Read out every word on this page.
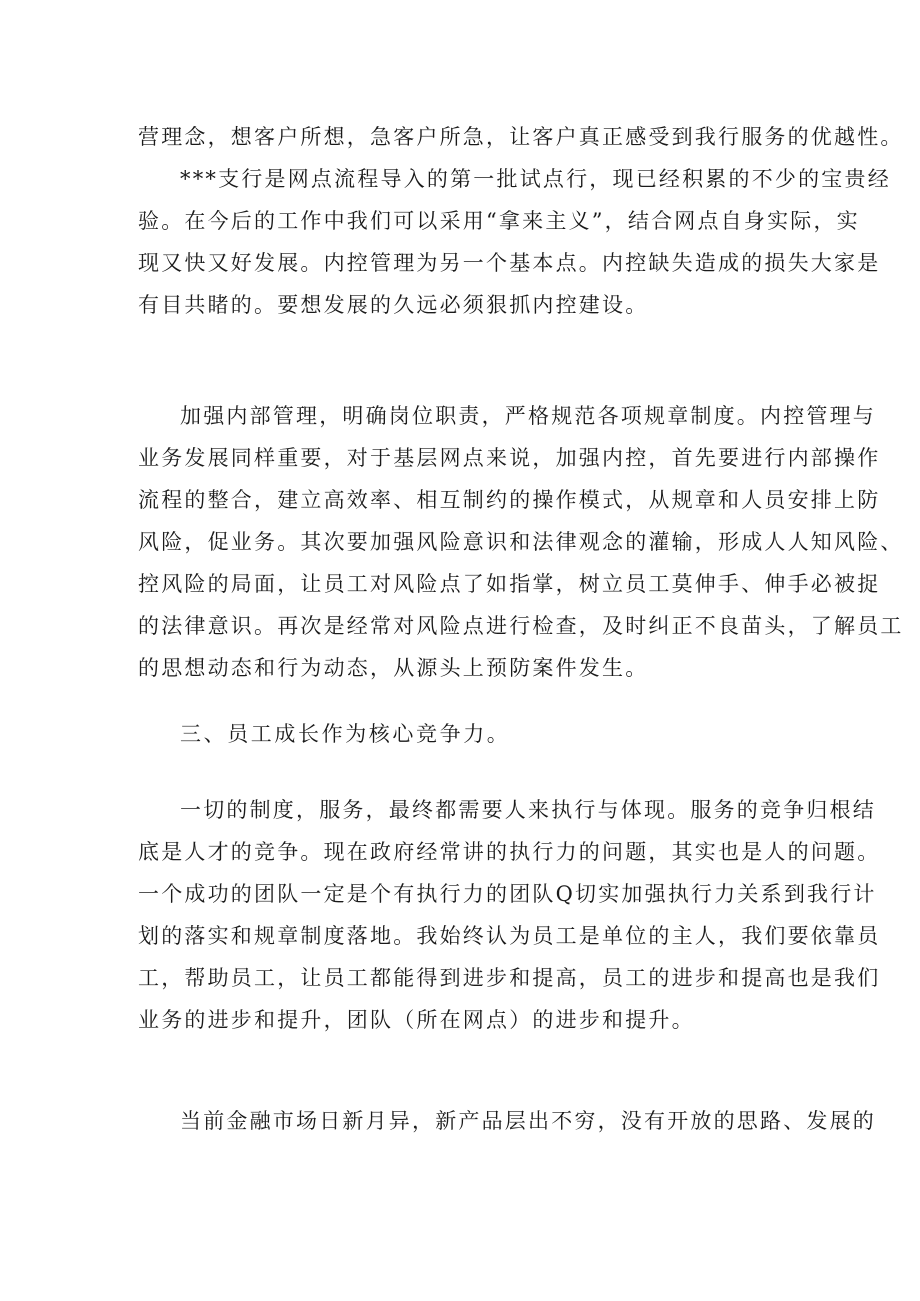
营理念，想客户所想，急客户所急，让客户真正感受到我行服务的优越性。
***支行是网点流程导入的第一批试点行，现已经积累的不少的宝贵经
验。在今后的工作中我们可以采用“拿来主义”，结合网点自身实际，实
现又快又好发展。内控管理为另一个基本点。内控缺失造成的损失大家是
有目共睹的。要想发展的久远必须狠抓内控建设。
加强内部管理，明确岗位职责，严格规范各项规章制度。内控管理与
业务发展同样重要，对于基层网点来说，加强内控，首先要进行内部操作
流程的整合，建立高效率、相互制约的操作模式，从规章和人员安排上防
风险，促业务。其次要加强风险意识和法律观念的灌输，形成人人知风险、
控风险的局面，让员工对风险点了如指掌，树立员工莫伸手、伸手必被捉
的法律意识。再次是经常对风险点进行检查，及时纠正不良苗头，了解员工
的思想动态和行为动态，从源头上预防案件发生。
三、员工成长作为核心竞争力。
一切的制度，服务，最终都需要人来执行与体现。服务的竞争归根结
底是人才的竞争。现在政府经常讲的执行力的问题，其实也是人的问题。
一个成功的团队一定是个有执行力的团队Q切实加强执行力关系到我行计
划的落实和规章制度落地。我始终认为员工是单位的主人，我们要依靠员
工，帮助员工，让员工都能得到进步和提高，员工的进步和提高也是我们
业务的进步和提升，团队（所在网点）的进步和提升。
当前金融市场日新月异，新产品层出不穷，没有开放的思路、发展的
